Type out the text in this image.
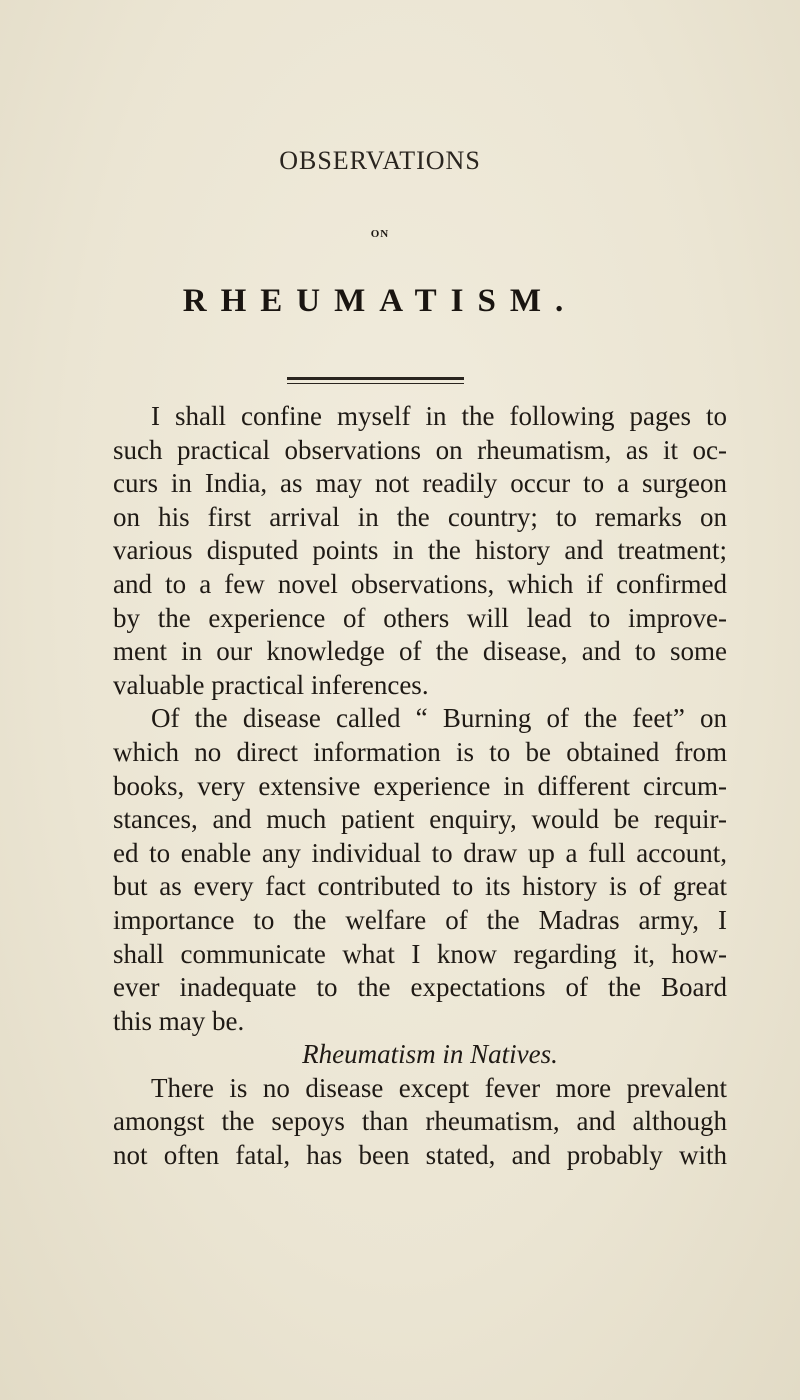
OBSERVATIONS
ON
RHEUMATISM.
I shall confine myself in the following pages to
such practical observations on rheumatism, as it oc-
curs in India, as may not readily occur to a surgeon
on his first arrival in the country; to remarks on
various disputed points in the history and treatment;
and to a few novel observations, which if confirmed
by the experience of others will lead to improve-
ment in our knowledge of the disease, and to some
valuable practical inferences.
Of the disease called “ Burning of the feet” on
which no direct information is to be obtained from
books, very extensive experience in different circum-
stances, and much patient enquiry, would be requir-
ed to enable any individual to draw up a full account,
but as every fact contributed to its history is of great
importance to the welfare of the Madras army, I
shall communicate what I know regarding it, how-
ever inadequate to the expectations of the Board
this may be.
Rheumatism in Natives.
There is no disease except fever more prevalent
amongst the sepoys than rheumatism, and although
not often fatal, has been stated, and probably with
